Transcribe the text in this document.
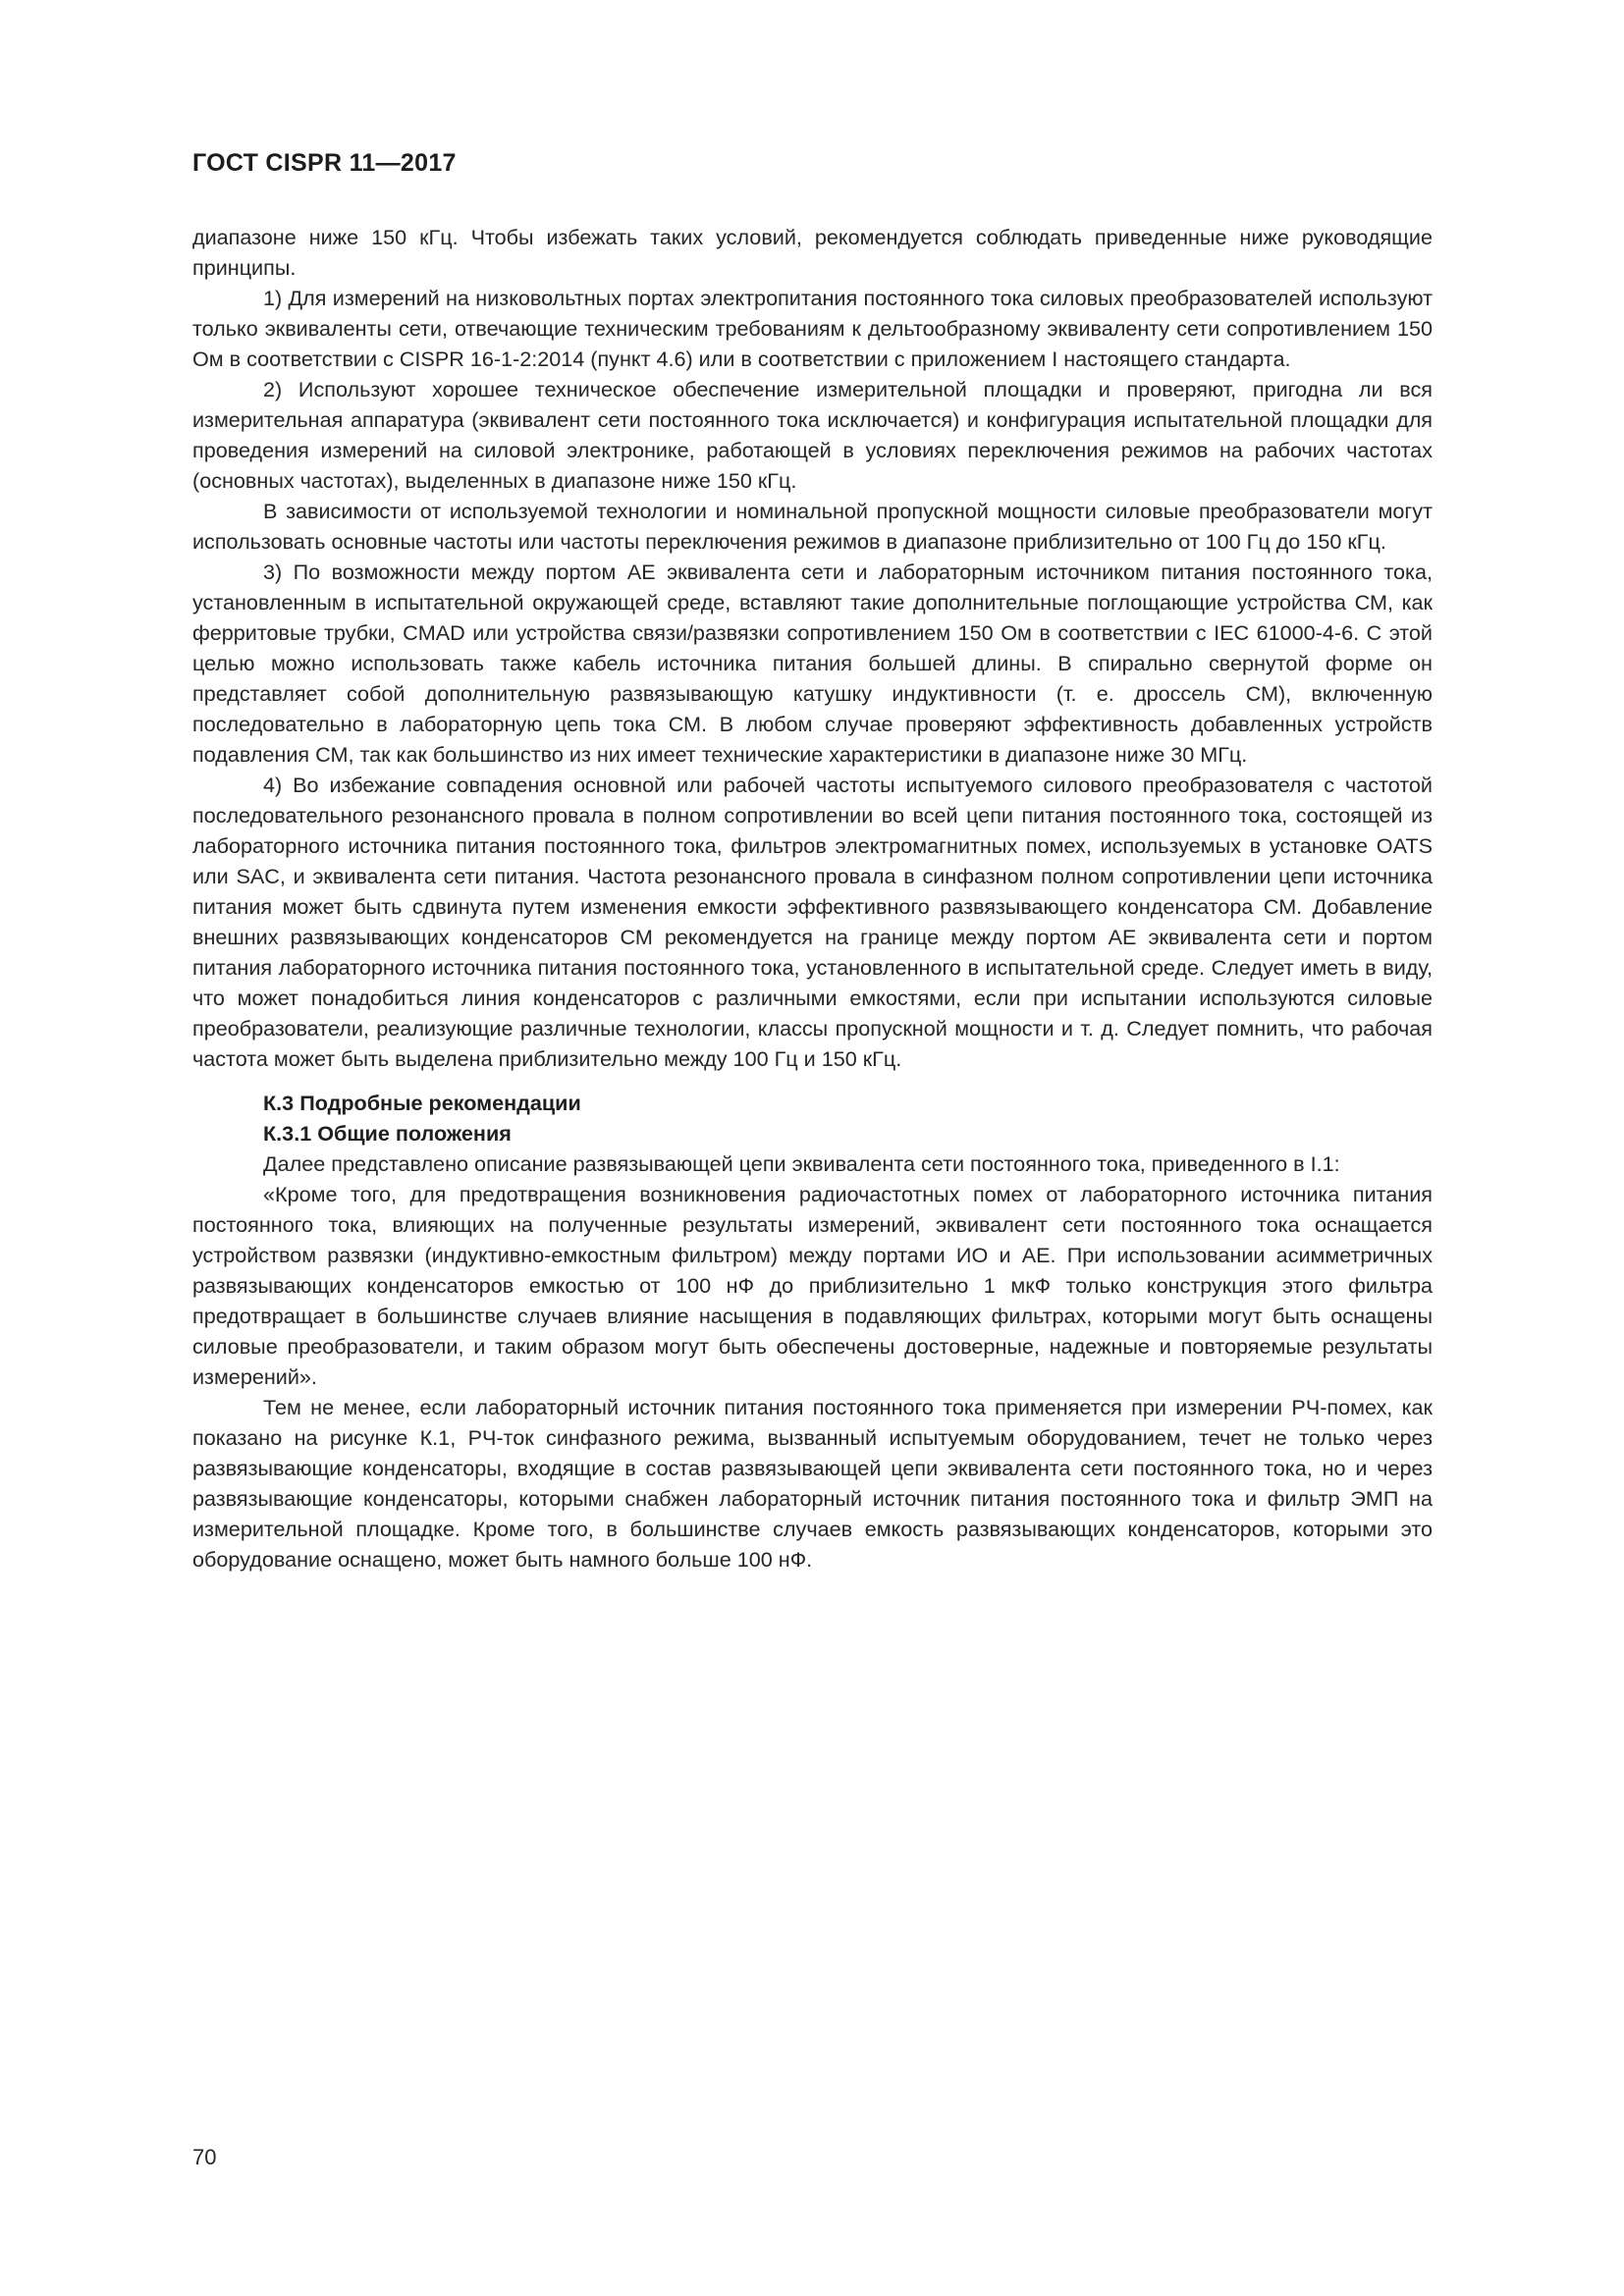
ГОСТ CISPR 11—2017

диапазоне ниже 150 кГц. Чтобы избежать таких условий, рекомендуется соблюдать приведенные ниже руководящие принципы.

1) Для измерений на низковольтных портах электропитания постоянного тока силовых преобразователей используют только эквиваленты сети, отвечающие техническим требованиям к дельтообразному эквиваленту сети сопротивлением 150 Ом в соответствии с CISPR 16-1-2:2014 (пункт 4.6) или в соответствии с приложением I настоящего стандарта.

2) Используют хорошее техническое обеспечение измерительной площадки и проверяют, пригодна ли вся измерительная аппаратура (эквивалент сети постоянного тока исключается) и конфигурация испытательной площадки для проведения измерений на силовой электронике, работающей в условиях переключения режимов на рабочих частотах (основных частотах), выделенных в диапазоне ниже 150 кГц.

В зависимости от используемой технологии и номинальной пропускной мощности силовые преобразователи могут использовать основные частоты или частоты переключения режимов в диапазоне приблизительно от 100 Гц до 150 кГц.

3) По возможности между портом АЕ эквивалента сети и лабораторным источником питания постоянного тока, установленным в испытательной окружающей среде, вставляют такие дополнительные поглощающие устройства СМ, как ферритовые трубки, CMAD или устройства связи/развязки сопротивлением 150 Ом в соответствии с IEC 61000-4-6. С этой целью можно использовать также кабель источника питания большей длины. В спирально свернутой форме он представляет собой дополнительную развязывающую катушку индуктивности (т. е. дроссель СМ), включенную последовательно в лабораторную цепь тока СМ. В любом случае проверяют эффективность добавленных устройств подавления СМ, так как большинство из них имеет технические характеристики в диапазоне ниже 30 МГц.

4) Во избежание совпадения основной или рабочей частоты испытуемого силового преобразователя с частотой последовательного резонансного провала в полном сопротивлении во всей цепи питания постоянного тока, состоящей из лабораторного источника питания постоянного тока, фильтров электромагнитных помех, используемых в установке OATS или SAC, и эквивалента сети питания. Частота резонансного провала в синфазном полном сопротивлении цепи источника питания может быть сдвинута путем изменения емкости эффективного развязывающего конденсатора СМ. Добавление внешних развязывающих конденсаторов СМ рекомендуется на границе между портом АЕ эквивалента сети и портом питания лабораторного источника питания постоянного тока, установленного в испытательной среде. Следует иметь в виду, что может понадобиться линия конденсаторов с различными емкостями, если при испытании используются силовые преобразователи, реализующие различные технологии, классы пропускной мощности и т. д. Следует помнить, что рабочая частота может быть выделена приблизительно между 100 Гц и 150 кГц.

К.3 Подробные рекомендации
К.3.1 Общие положения

Далее представлено описание развязывающей цепи эквивалента сети постоянного тока, приведенного в I.1:

«Кроме того, для предотвращения возникновения радиочастотных помех от лабораторного источника питания постоянного тока, влияющих на полученные результаты измерений, эквивалент сети постоянного тока оснащается устройством развязки (индуктивно-емкостным фильтром) между портами ИО и АЕ. При использовании асимметричных развязывающих конденсаторов емкостью от 100 нФ до приблизительно 1 мкФ только конструкция этого фильтра предотвращает в большинстве случаев влияние насыщения в подавляющих фильтрах, которыми могут быть оснащены силовые преобразователи, и таким образом могут быть обеспечены достоверные, надежные и повторяемые результаты измерений».

Тем не менее, если лабораторный источник питания постоянного тока применяется при измерении РЧ-помех, как показано на рисунке К.1, РЧ-ток синфазного режима, вызванный испытуемым оборудованием, течет не только через развязывающие конденсаторы, входящие в состав развязывающей цепи эквивалента сети постоянного тока, но и через развязывающие конденсаторы, которыми снабжен лабораторный источник питания постоянного тока и фильтр ЭМП на измерительной площадке. Кроме того, в большинстве случаев емкость развязывающих конденсаторов, которыми это оборудование оснащено, может быть намного больше 100 нФ.

70
